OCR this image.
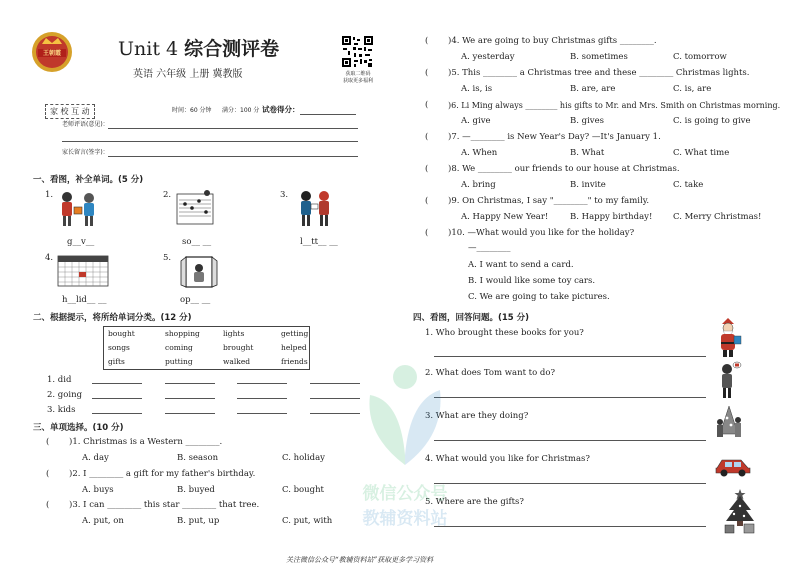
王朝霞	Unit 4 综合测评卷
英语 六年级 上册 冀教版	获取二维码
获取更多福利
家 校 互 动	时间：60 分钟 满分：100 分 试卷得分：
老师评语(意见)：
家长留言(签字)：
一、看图，补全单词。(5 分)
1.
g__v__
2.
so__ __
3.
l__tt__ __
4.
h__lid__ __
5.
op__ __
二、根据提示，将所给单词分类。(12 分)
bought	shopping	lights	getting
songs	coming	brought	helped
gifts	putting	walked	friends
1. did
2. going
3. kids
三、单项选择。(10 分)
( )1. Christmas is a Western ________.
A. day	B. season	C. holiday
( )2. I ________ a gift for my father's birthday.
A. buys	B. buyed	C. bought
( )3. I can ________ this star ________ that tree.
A. put, on	B. put, up	C. put, with
( )4. We are going to buy Christmas gifts ________.
A. yesterday	B. sometimes	C. tomorrow
( )5. This ________ a Christmas tree and these ________ Christmas lights.
A. is, is	B. are, are	C. is, are
( )6. Li Ming always ________ his gifts to Mr. and Mrs. Smith on Christmas morning.
A. give	B. gives	C. is going to give
( )7. —________ is New Year's Day? —It's January 1.
A. When	B. What	C. What time
( )8. We ________ our friends to our house at Christmas.
A. bring	B. invite	C. take
( )9. On Christmas, I say "________" to my family.
A. Happy New Year!	B. Happy birthday! C. Merry Christmas!
( )10. —What would you like for the holiday?
—________
A. I want to send a card.
B. I would like some toy cars.
C. We are going to take pictures.
四、看图，回答问题。(15 分)
1. Who brought these books for you?
2. What does Tom want to do?
3. What are they doing?
4. What would you like for Christmas?
5. Where are the gifts?
微信公众号
教辅资料站
关注微信公众号“教辅资料站”获取更多学习资料
